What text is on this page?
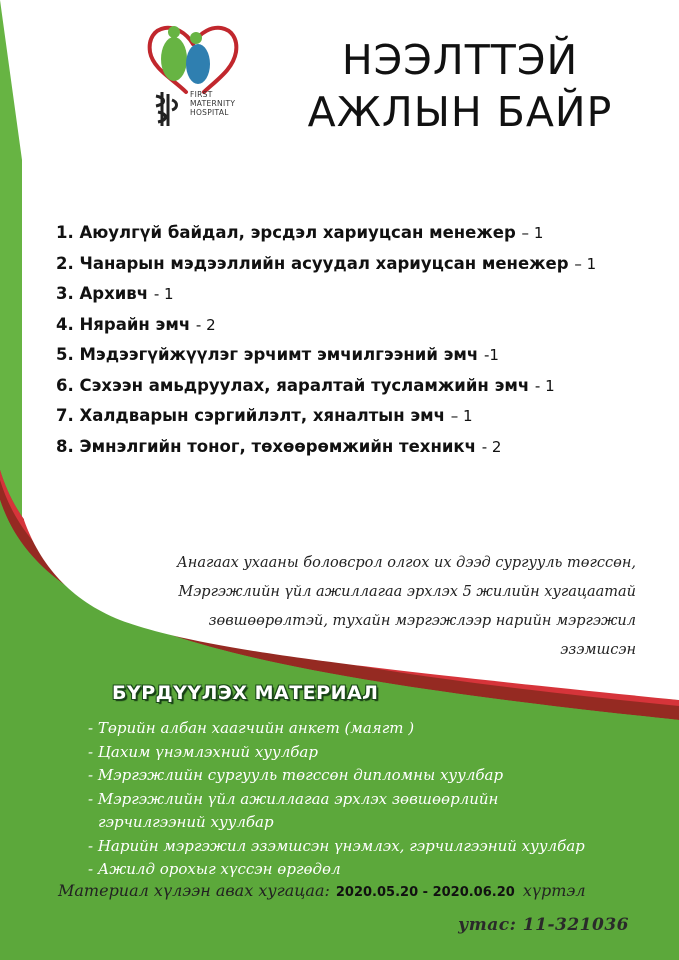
FIRST
MATERNITY
HOSPITAL
НЭЭЛТТЭЙ
АЖЛЫН БАЙР
1. Аюулгүй байдал, эрсдэл хариуцсан менежер – 1
2. Чанарын мэдээллийн асуудал хариуцсан менежер – 1
3. Архивч - 1
4. Нярайн эмч - 2
5. Мэдээгүйжүүлэг эрчимт эмчилгээний эмч -1
6. Сэхээн амьдруулах, яаралтай тусламжийн эмч - 1
7. Халдварын сэргийлэлт, хяналтын эмч – 1
8. Эмнэлгийн тоног, төхөөрөмжийн техникч - 2
Анагаах ухааны боловсрол олгох их дээд сургууль төгссөн,
Мэргэжлийн үйл ажиллагаа эрхлэх 5 жилийн хугацаатай
зөвшөөрөлтэй, тухайн мэргэжлээр нарийн мэргэжил
эзэмшсэн
БҮРДҮҮЛЭХ МАТЕРИАЛ
- Төрийн албан хаагчийн анкет (маягт )
- Цахим үнэмлэхний хуулбар
- Мэргэжлийн сургууль төгссөн дипломны хуулбар
- Мэргэжлийн үйл ажиллагаа эрхлэх зөвшөөрлийн
гэрчилгээний хуулбар
- Нарийн мэргэжил эзэмшсэн үнэмлэх, гэрчилгээний хуулбар
- Ажилд орохыг хүссэн өргөдөл
Материал хүлээн авах хугацаа: 2020.05.20 - 2020.06.20 хүртэл
утас: 11-321036
